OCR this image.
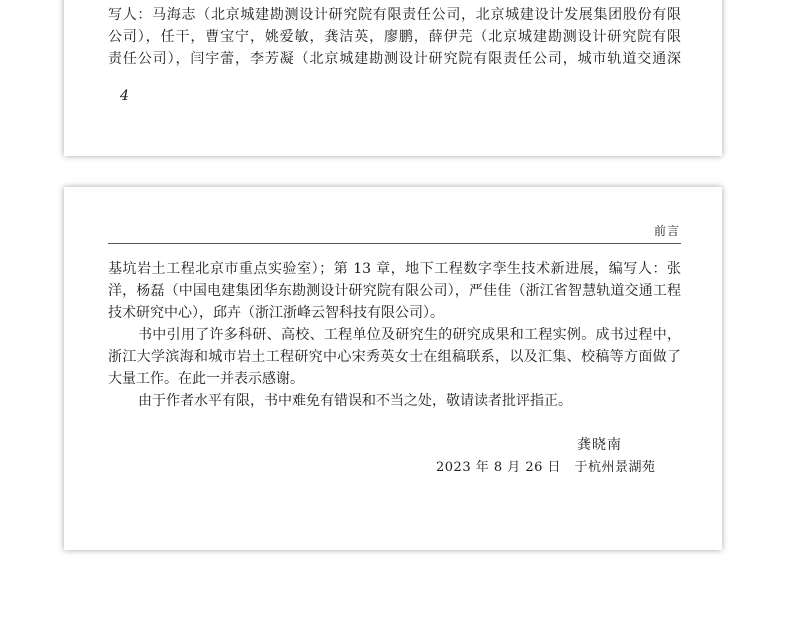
写人：马海志（北京城建勘测设计研究院有限责任公司，北京城建设计发展集团股份有限
公司），任干，曹宝宁，姚爱敏，龚洁英，廖鹏，薛伊芫（北京城建勘测设计研究院有限
责任公司），闫宇蕾，李芳凝（北京城建勘测设计研究院有限责任公司，城市轨道交通深
4
前言

基坑岩土工程北京市重点实验室）；第 13 章，地下工程数字孪生技术新进展，编写人：张洋，杨磊（中国电建集团华东勘测设计研究院有限公司），严佳佳（浙江省智慧轨道交通工程技术研究中心），邱卉（浙江浙峰云智科技有限公司）。

书中引用了许多科研、高校、工程单位及研究生的研究成果和工程实例。成书过程中，浙江大学滨海和城市岩土工程研究中心宋秀英女士在组稿联系，以及汇集、校稿等方面做了大量工作。在此一并表示感谢。

由于作者水平有限，书中难免有错误和不当之处，敬请读者批评指正。

龚晓南
2023 年 8 月 26 日　于杭州景湖苑
